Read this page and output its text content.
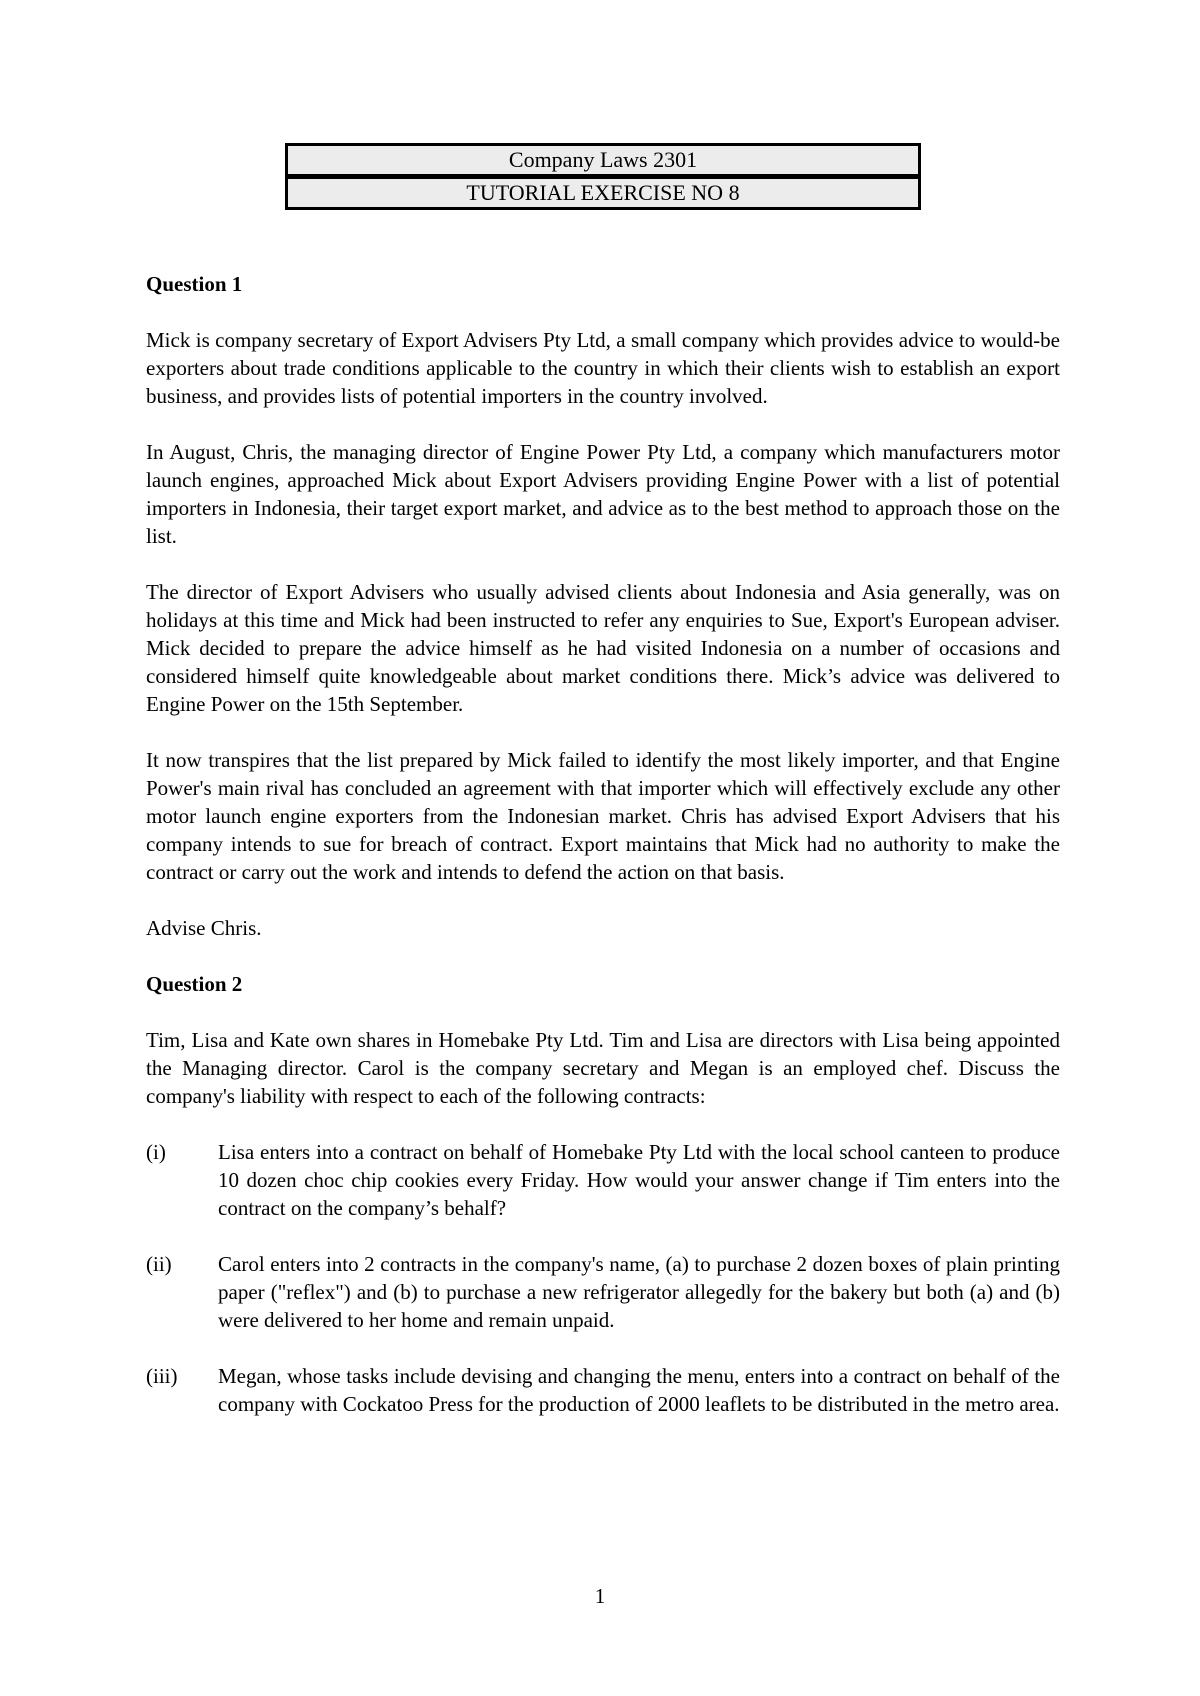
Company Laws 2301
TUTORIAL EXERCISE NO 8

Question 1

Mick is company secretary of Export Advisers Pty Ltd, a small company which provides advice to would-be exporters about trade conditions applicable to the country in which their clients wish to establish an export business, and provides lists of potential importers in the country involved.

In August, Chris, the managing director of Engine Power Pty Ltd, a company which manufacturers motor launch engines, approached Mick about Export Advisers providing Engine Power with a list of potential importers in Indonesia, their target export market, and advice as to the best method to approach those on the list.

The director of Export Advisers who usually advised clients about Indonesia and Asia generally, was on holidays at this time and Mick had been instructed to refer any enquiries to Sue, Export's European adviser. Mick decided to prepare the advice himself as he had visited Indonesia on a number of occasions and considered himself quite knowledgeable about market conditions there. Mick’s advice was delivered to Engine Power on the 15th September.

It now transpires that the list prepared by Mick failed to identify the most likely importer, and that Engine Power's main rival has concluded an agreement with that importer which will effectively exclude any other motor launch engine exporters from the Indonesian market. Chris has advised Export Advisers that his company intends to sue for breach of contract. Export maintains that Mick had no authority to make the contract or carry out the work and intends to defend the action on that basis.

Advise Chris.

Question 2

Tim, Lisa and Kate own shares in Homebake Pty Ltd. Tim and Lisa are directors with Lisa being appointed the Managing director. Carol is the company secretary and Megan is an employed chef. Discuss the company's liability with respect to each of the following contracts:

(i)	Lisa enters into a contract on behalf of Homebake Pty Ltd with the local school canteen to produce 10 dozen choc chip cookies every Friday. How would your answer change if Tim enters into the contract on the company’s behalf?
(ii)	Carol enters into 2 contracts in the company's name, (a) to purchase 2 dozen boxes of plain printing paper ("reflex") and (b) to purchase a new refrigerator allegedly for the bakery but both (a) and (b) were delivered to her home and remain unpaid.
(iii)	Megan, whose tasks include devising and changing the menu, enters into a contract on behalf of the company with Cockatoo Press for the production of 2000 leaflets to be distributed in the metro area.
1
